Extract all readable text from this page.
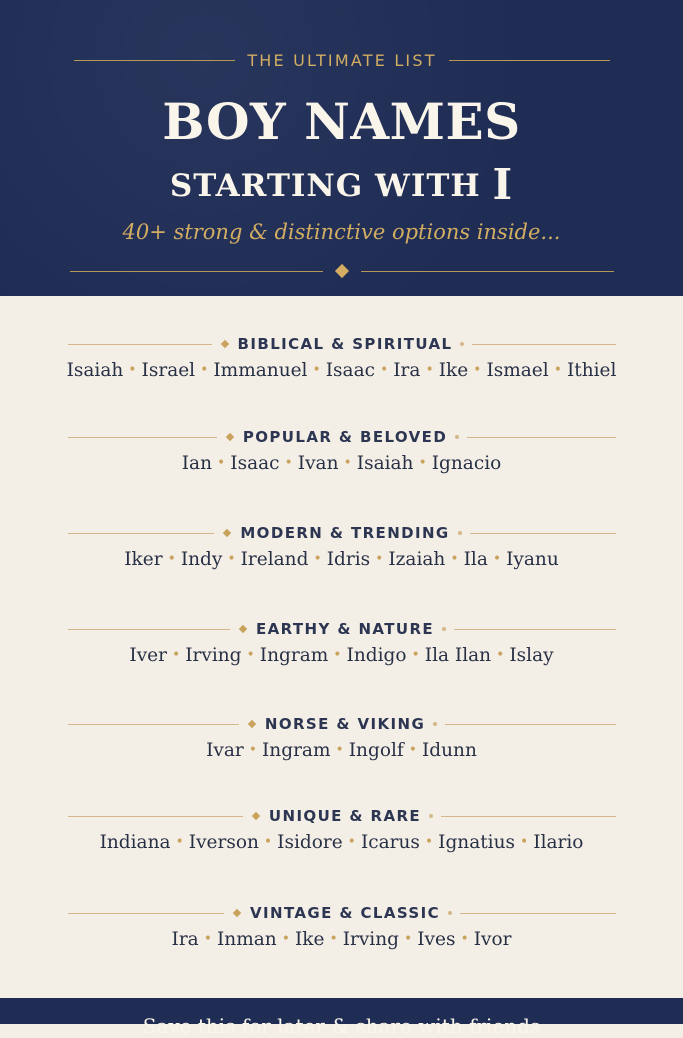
THE ULTIMATE LIST
BOY NAMES
STARTING WITH I
40+ strong & distinctive options inside...
BIBLICAL & SPIRITUAL
Isaiah • Israel • Immanuel • Isaac • Ira • Ike • Ismael • Ithiel
POPULAR & BELOVED
Ian • Isaac • Ivan • Isaiah • Ignacio
MODERN & TRENDING
Iker • Indy • Ireland • Idris • Izaiah • Ila • Iyanu
EARTHY & NATURE
Iver • Irving • Ingram • Indigo • Ila Ilan • Islay
NORSE & VIKING
Ivar • Ingram • Ingolf • Idunn
UNIQUE & RARE
Indiana • Iverson • Isidore • Icarus • Ignatius • Ilario
VINTAGE & CLASSIC
Ira • Inman • Ike • Irving • Ives • Ivor
Save this for later & share with friends
